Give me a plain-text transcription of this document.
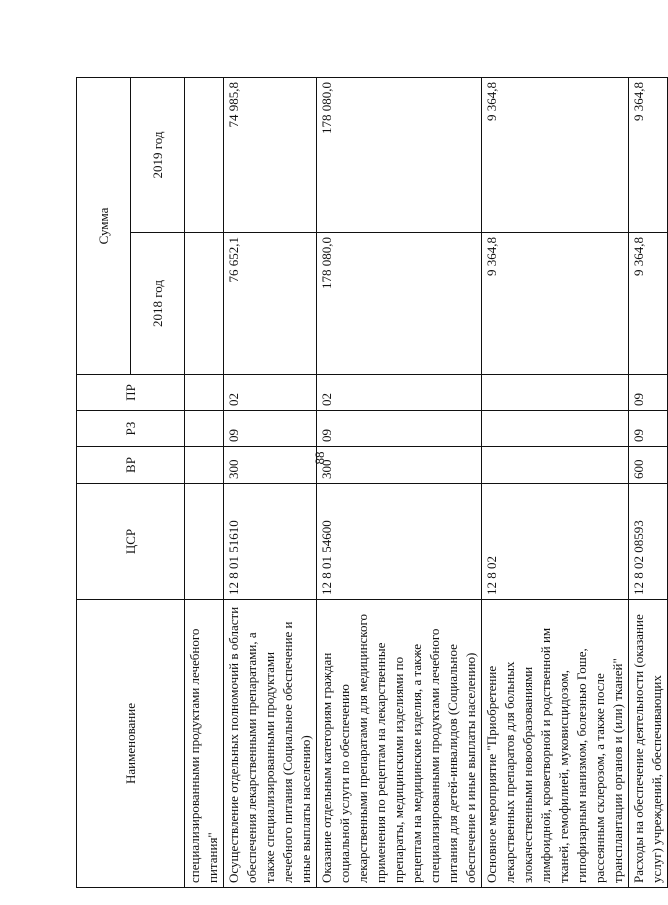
88
Наименование	ЦСР	ВР	РЗ	ПР	Сумма	
					2018 год	2019 год
специализированными продуктами лечебного питания"						
Осуществление отдельных полномочий в области обеспечения лекарственными препаратами, а также специализированными продуктами лечебного питания (Социальное обеспечение и иные выплаты населению)	12 8 01 51610	300	09	02	76 652,1	74 985,8
Оказание отдельным категориям граждан социальной услуги по обеспечению лекарственными препаратами для медицинского применения по рецептам на лекарственные препараты, медицинскими изделиями по рецептам на медицинские изделия, а также специализированными продуктами лечебного питания для детей-инвалидов (Социальное обеспечение и иные выплаты населению)	12 8 01 54600	300	09	02	178 080,0	178 080,0
Основное мероприятие "Приобретение лекарственных препаратов для больных злокачественными новообразованиями лимфоидной, кроветворной и родственной им тканей, гемофилией, муковисцидозом, гипофизарным нанизмом, болезнью Гоше, рассеянным склерозом, а также после трансплантации органов и (или) тканей"	12 8 02				9 364,8	9 364,8
Расходы на обеспечение деятельности (оказание услуг) учреждений, обеспечивающих	12 8 02 08593	600	09	09	9 364,8	9 364,8
